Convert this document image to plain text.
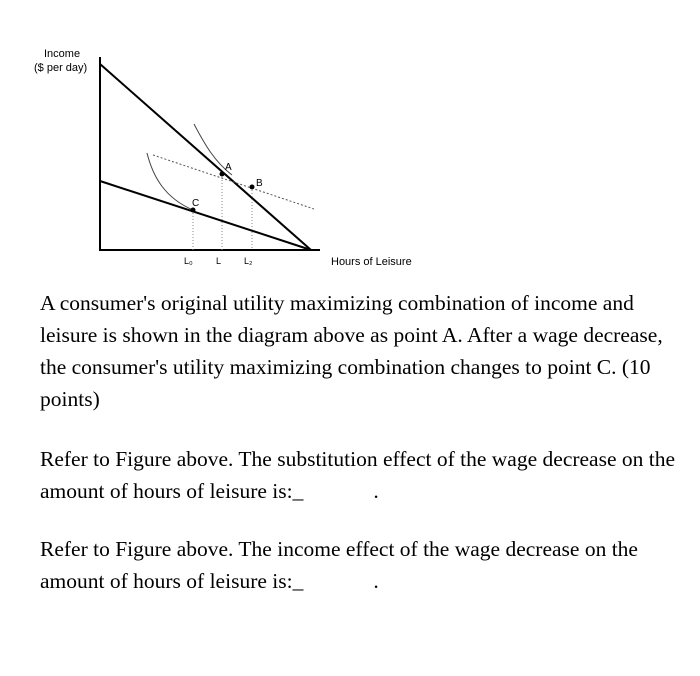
A
B
C
L₀	L	L₂
Income
($ per day)
Hours of Leisure

A consumer's original utility maximizing combination of income and leisure is shown in the diagram above as point A. After a wage decrease, the consumer's utility maximizing combination changes to point C. (10 points)

Refer to Figure above. The substitution effect of the wage decrease on the amount of hours of leisure is:_	.

Refer to Figure above. The income effect of the wage decrease on the amount of hours of leisure is:_	.
